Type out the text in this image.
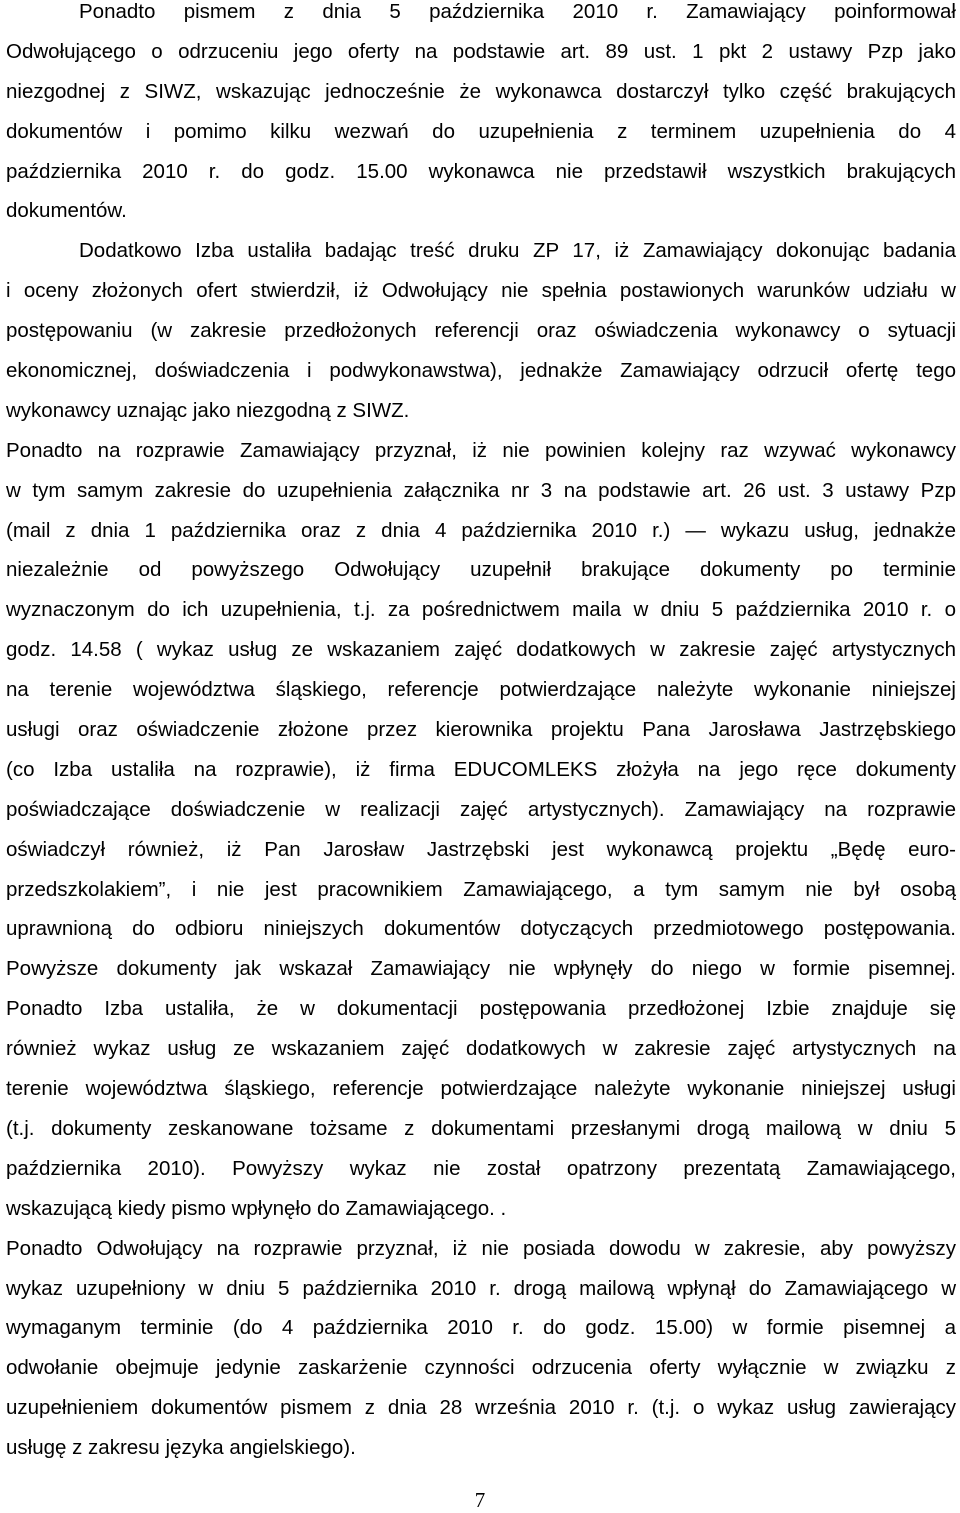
Ponadto pismem z dnia 5 października 2010 r. Zamawiający poinformował
Odwołującego o odrzuceniu jego oferty na podstawie art. 89 ust. 1 pkt 2 ustawy Pzp jako
niezgodnej z SIWZ, wskazując jednocześnie że wykonawca dostarczył tylko część brakujących
dokumentów i pomimo kilku wezwań do uzupełnienia z terminem uzupełnienia do 4
października 2010 r. do godz. 15.00 wykonawca nie przedstawił wszystkich brakujących
dokumentów.
Dodatkowo Izba ustaliła badając treść druku ZP 17, iż Zamawiający dokonując badania
i oceny złożonych ofert stwierdził, iż Odwołujący nie spełnia postawionych warunków udziału w
postępowaniu (w zakresie przedłożonych referencji oraz oświadczenia wykonawcy o sytuacji
ekonomicznej, doświadczenia i podwykonawstwa), jednakże Zamawiający odrzucił ofertę tego
wykonawcy uznając jako niezgodną z SIWZ.
Ponadto na rozprawie Zamawiający przyznał, iż nie powinien kolejny raz wzywać wykonawcy
w tym samym zakresie do uzupełnienia załącznika nr 3 na podstawie art. 26 ust. 3 ustawy Pzp
(mail z dnia 1 października oraz z dnia 4 października 2010 r.) — wykazu usług, jednakże
niezależnie od powyższego Odwołujący uzupełnił brakujące dokumenty po terminie
wyznaczonym do ich uzupełnienia, t.j. za pośrednictwem maila w dniu 5 października 2010 r. o
godz. 14.58 ( wykaz usług ze wskazaniem zajęć dodatkowych w zakresie zajęć artystycznych
na terenie województwa śląskiego, referencje potwierdzające należyte wykonanie niniejszej
usługi oraz oświadczenie złożone przez kierownika projektu Pana Jarosława Jastrzębskiego
(co Izba ustaliła na rozprawie), iż firma EDUCOMLEKS złożyła na jego ręce dokumenty
poświadczające doświadczenie w realizacji zajęć artystycznych). Zamawiający na rozprawie
oświadczył również, iż Pan Jarosław Jastrzębski jest wykonawcą projektu „Będę euro-
przedszkolakiem”, i nie jest pracownikiem Zamawiającego, a tym samym nie był osobą
uprawnioną do odbioru niniejszych dokumentów dotyczących przedmiotowego postępowania.
Powyższe dokumenty jak wskazał Zamawiający nie wpłynęły do niego w formie pisemnej.
Ponadto Izba ustaliła, że w dokumentacji postępowania przedłożonej Izbie znajduje się
również wykaz usług ze wskazaniem zajęć dodatkowych w zakresie zajęć artystycznych na
terenie województwa śląskiego, referencje potwierdzające należyte wykonanie niniejszej usługi
(t.j. dokumenty zeskanowane tożsame z dokumentami przesłanymi drogą mailową w dniu 5
października 2010). Powyższy wykaz nie został opatrzony prezentatą Zamawiającego,
wskazującą kiedy pismo wpłynęło do Zamawiającego. .
Ponadto Odwołujący na rozprawie przyznał, iż nie posiada dowodu w zakresie, aby powyższy
wykaz uzupełniony w dniu 5 października 2010 r. drogą mailową wpłynął do Zamawiającego w
wymaganym terminie (do 4 października 2010 r. do godz. 15.00) w formie pisemnej a
odwołanie obejmuje jedynie zaskarżenie czynności odrzucenia oferty wyłącznie w związku z
uzupełnieniem dokumentów pismem z dnia 28 września 2010 r. (t.j. o wykaz usług zawierający
usługę z zakresu języka angielskiego).
7
